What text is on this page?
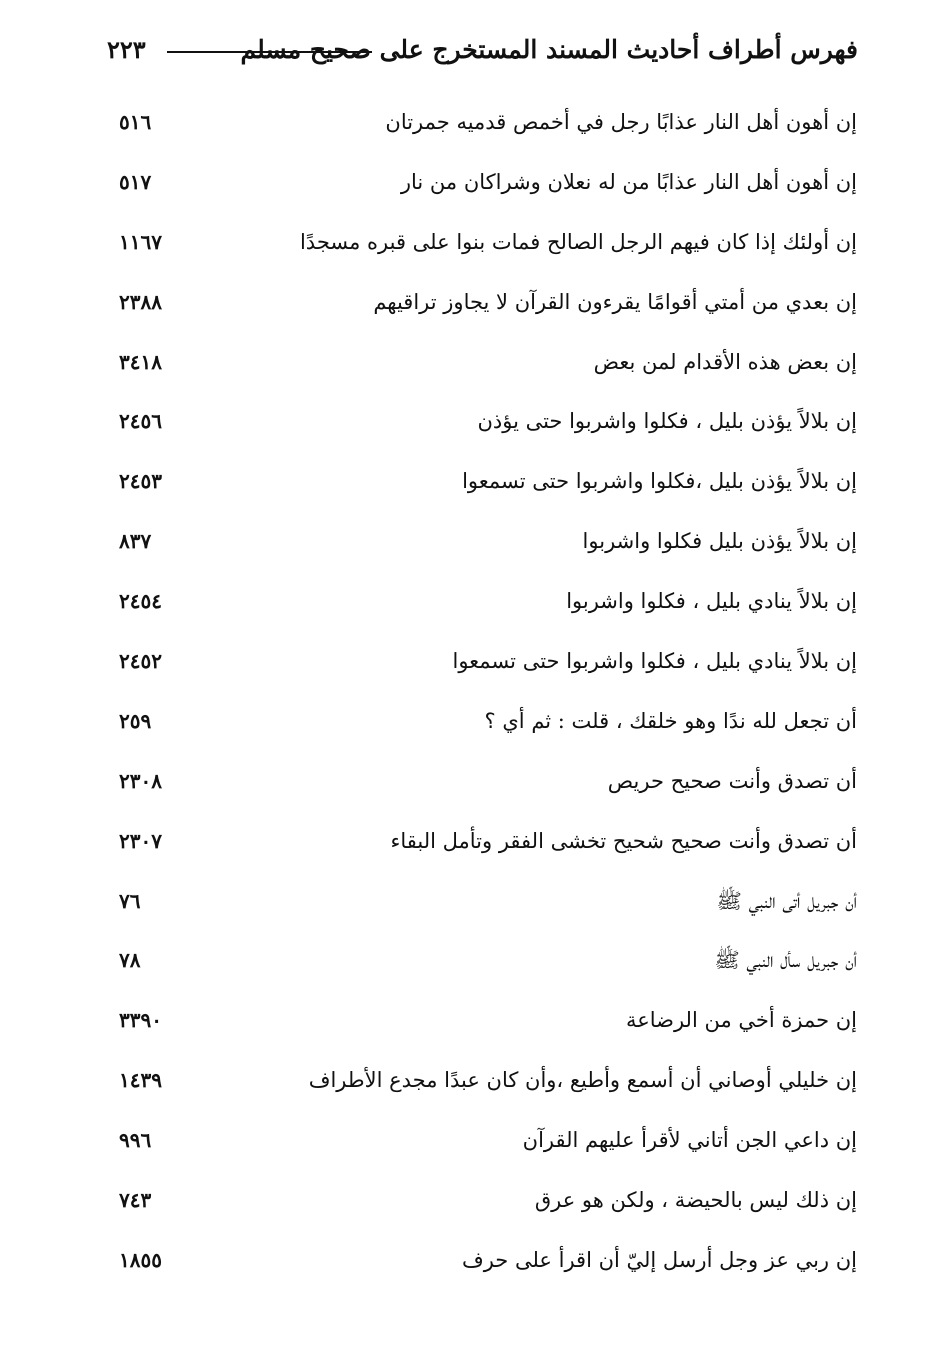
فهرس أطراف أحاديث المسند المستخرج على صحيح مسلم
٢٢٣
إن أهون أهل النار عذابًا رجل في أخمص قدميه جمرتان
٥١٦
إن أهون أهل النار عذابًا من له نعلان وشراكان من نار
٥١٧
إن أولئك إذا كان فيهم الرجل الصالح فمات بنوا على قبره مسجدًا
١١٦٧
إن بعدي من أمتي أقوامًا يقرءون القرآن لا يجاوز تراقيهم
٢٣٨٨
إن بعض هذه الأقدام لمن بعض
٣٤١٨
إن بلالاً يؤذن بليل ، فكلوا واشربوا حتى يؤذن
٢٤٥٦
إن بلالاً يؤذن بليل ،فكلوا واشربوا حتى تسمعوا
٢٤٥٣
إن بلالاً يؤذن بليل فكلوا واشربوا
٨٣٧
إن بلالاً ينادي بليل ، فكلوا واشربوا
٢٤٥٤
إن بلالاً ينادي بليل ، فكلوا واشربوا حتى تسمعوا
٢٤٥٢
أن تجعل لله ندًا وهو خلقك ، قلت : ثم أي ؟
٢٥٩
أن تصدق وأنت صحيح حريص
٢٣٠٨
أن تصدق وأنت صحيح شحيح تخشى الفقر وتأمل البقاء
٢٣٠٧
أن جبريل أتى النبي ﷺ
٧٦
أن جبريل سأل النبي ﷺ
٧٨
إن حمزة أخي من الرضاعة
٣٣٩٠
إن خليلي أوصاني أن أسمع وأطيع ،وأن كان عبدًا مجدع الأطراف
١٤٣٩
إن داعي الجن أتاني لأقرأ عليهم القرآن
٩٩٦
إن ذلك ليس بالحيضة ، ولكن هو عرق
٧٤٣
إن ربي عز وجل أرسل إليّ أن اقرأ على حرف
١٨٥٥
